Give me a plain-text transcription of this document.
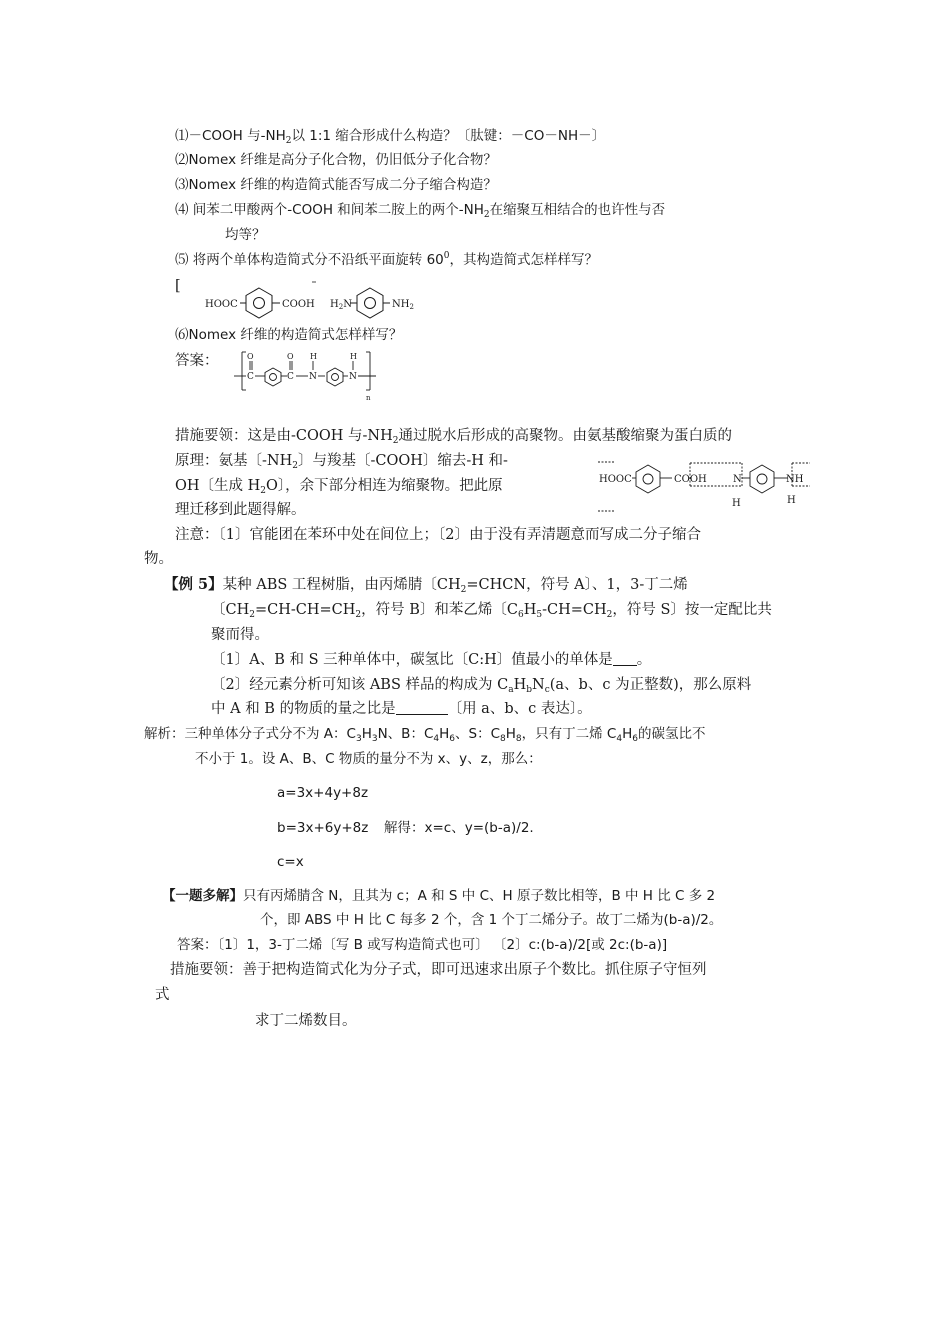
⑴－COOH 与$-NH_2$以 1:1 缩合形成什么构造？〔肽键：－CO－NH－〕
⑵Nomex 纤维是高分子化合物，仍旧低分子化合物？
⑶Nomex 纤维的构造简式能否写成二分子缩合构造？
⑷ 间苯二甲酸两个-COOH 和间苯二胺上的两个$-NH_2$在缩聚互相结合的也许性与否
均等？
⑸ 将两个单体构造简式分不沿纸平面旋转 $60^0$，其构造简式怎样样写？
[
HOOC	COOH $H_2N$	$NH_2$
⑹Nomex 纤维的构造简式怎样样写？
答案：	O	O H	H
C	C N	N
n
措施要领：这是由-COOH 与$-NH_2$通过脱水后形成的高聚物。由氨基酸缩聚为蛋白质的
原理：氨基〔$-NH_2$〕与羧基〔-COOH〕缩去-H 和-
OH〔生成 $H_2O$〕，余下部分相连为缩聚物。把此原
理迁移到此题得解。
HOOC	COOH	N
H
NH
H
注意：〔1〕官能团在苯环中处在间位上；〔2〕由于没有弄清题意而写成二分子缩合
物。
【例 5】某种 ABS 工程树脂，由丙烯腈〔$CH_2=CHCN$，符号 A〕、1，3-丁二烯
〔$CH_2=CH-CH=CH_2$，符号 B〕和苯乙烯〔$C_6H_5-CH=CH_2$，符号 S〕按一定配比共
聚而得。
〔1〕A、B 和 S 三种单体中，碳氢比〔C:H〕值最小的单体是 。
〔2〕经元素分析可知该 ABS 样品的构成为 $C_aH_bN_c(a$、b、c 为正整数)，那么原料
中 A 和 B 的物质的量之比是	〔用 a、b、c 表达〕。
解析：三种单体分子式分不为 A：$C_3H_3N$、B：$C_4H_6$、S：$C_8H_8$，只有丁二烯 $C_4H_6$的碳氢比不
不小于 1。设 A、B、C 物质的量分不为 x、y、z，那么：
a=3x+4y+8z
b=3x+6y+8z 解得：x=c、y=(b-a)/2.
c=x
【一题多解】只有丙烯腈含 N，且其为 c；A 和 S 中 C、H 原子数比相等，B 中 H 比 C 多 2
个，即 ABS 中 H 比 C 每多 2 个，含 1 个丁二烯分子。故丁二烯为(b-a)/2。
答案：〔1〕1，3-丁二烯〔写 B 或写构造简式也可〕 〔2〕c:(b-a)/2[或 2c:(b-a)]
措施要领：善于把构造简式化为分子式，即可迅速求出原子个数比。抓住原子守恒列
式
求丁二烯数目。
